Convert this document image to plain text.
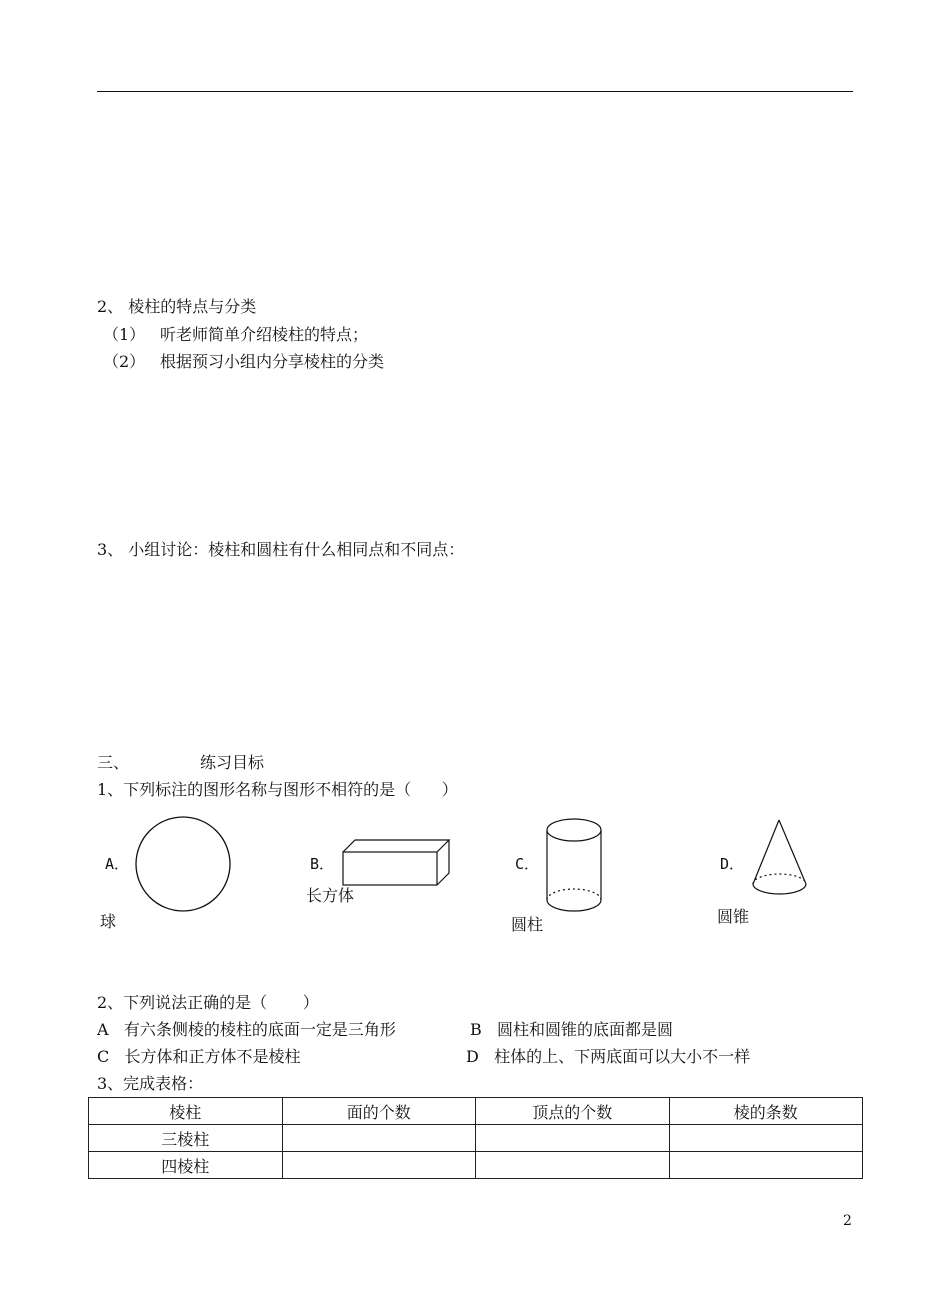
2、 棱柱的特点与分类
（1） 听老师简单介绍棱柱的特点；
（2） 根据预习小组内分享棱柱的分类
3、 小组讨论：棱柱和圆柱有什么相同点和不同点：
三、	练习目标
1、下列标注的图形名称与图形不相符的是（      ）
A．
球
B．
长方体
C．
圆柱
D．
圆锥
2、下列说法正确的是（       ）
A   有六条侧棱的棱柱的底面一定是三角形	B   圆柱和圆锥的底面都是圆
C   长方体和正方体不是棱柱	D   柱体的上、下两底面可以大小不一样
3、完成表格：
棱柱	面的个数	顶点的个数	棱的条数
三棱柱			
四棱柱			
2
